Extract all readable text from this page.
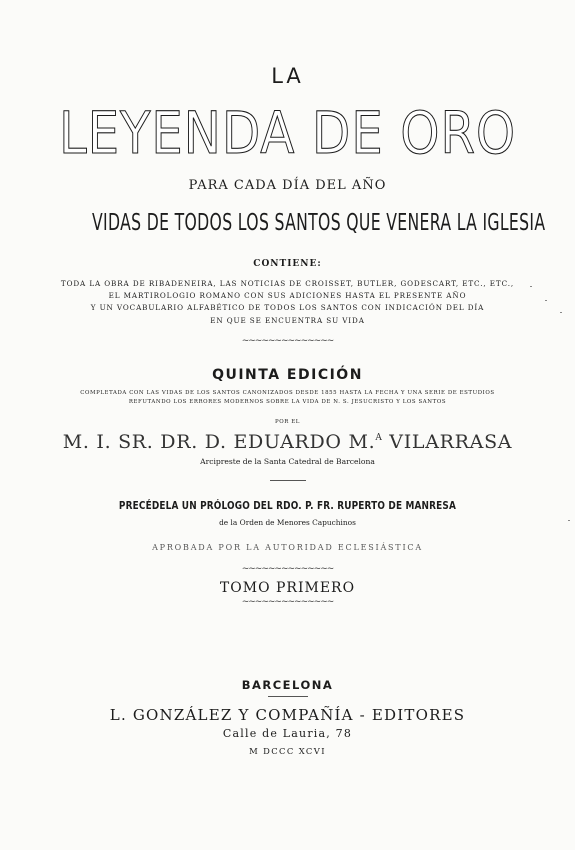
LA
LEYENDA DE ORO
PARA CADA DÍA DEL AÑO
VIDAS DE TODOS LOS SANTOS QUE VENERA LA IGLESIA
CONTIENE:
TODA LA OBRA DE RIBADENEIRA, LAS NOTICIAS DE CROISSET, BUTLER, GODESCART, ETC., ETC.,
EL MARTIROLOGIO ROMANO CON SUS ADICIONES HASTA EL PRESENTE AÑO
Y UN VOCABULARIO ALFABÉTICO DE TODOS LOS SANTOS CON INDICACIÓN DEL DÍA
EN QUE SE ENCUENTRA SU VIDA
~~~~~~~~~~~~~~
QUINTA EDICIÓN
COMPLETADA CON LAS VIDAS DE LOS SANTOS CANONIZADOS DESDE 1855 HASTA LA FECHA Y UNA SERIE DE ESTUDIOS
REFUTANDO LOS ERRORES MODERNOS SOBRE LA VIDA DE N. S. JESUCRISTO Y LOS SANTOS
POR EL
M. I. SR. DR. D. EDUARDO M.$^A$ VILARRASA
Arcipreste de la Santa Catedral de Barcelona
PRECÉDELA UN PRÓLOGO DEL RDO. P. FR. RUPERTO DE MANRESA
de la Orden de Menores Capuchinos
APROBADA POR LA AUTORIDAD ECLESIÁSTICA
~~~~~~~~~~~~~~
TOMO PRIMERO
~~~~~~~~~~~~~~
BARCELONA
L. GONZÁLEZ Y COMPAÑÍA - EDITORES
Calle de Lauria, 78
M DCCC XCVI
